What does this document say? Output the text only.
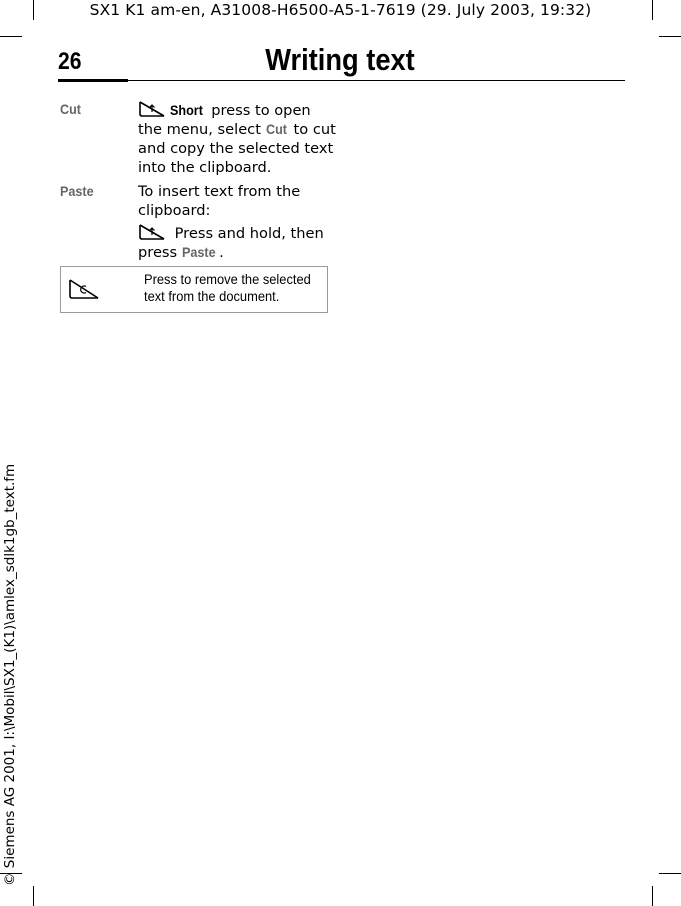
SX1 K1 am-en, A31008-H6500-A5-1-7619 (29. July 2003, 19:32)
© Siemens AG 2001, I:\Mobil\SX1_(K1)\amlex_sdlk1gb_text.fm
26	Writing text
Cut	Short press to open the menu, select Cut to cut and copy the selected text into the clipboard.
Paste	To insert text from the clipboard:
Press and hold, then press Paste .
Press to remove the selected text from the document.
